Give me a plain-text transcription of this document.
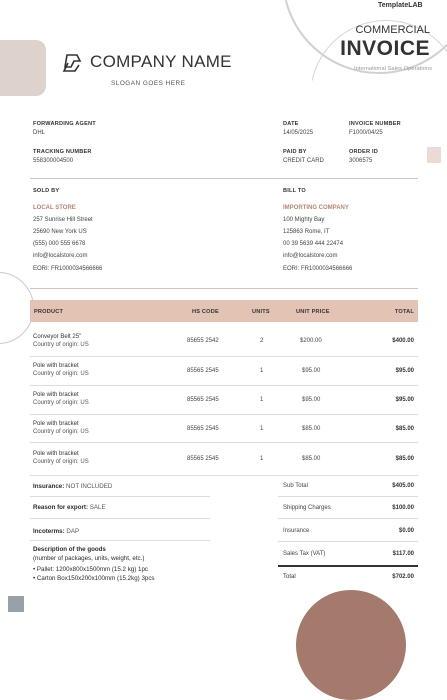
TemplateLAB
COMPANY NAME
SLOGAN GOES HERE
COMMERCIAL
INVOICE
International Sales Operations
FORWARDING AGENT
DHL
DATE
14/05/2025
INVOICE NUMBER
F1000/04/25
TRACKING NUMBER
558300004500
PAID BY
CREDIT CARD
ORDER ID
3006575
SOLD BY
LOCAL STORE
257 Sunrise Hill Street
25690 New York US
(555) 000 555 6678
info@localstore.com
EORI: FR1000034566666
BILL TO
IMPORTING COMPANY
100 Mighty Bay
125863 Rome, IT
00 39 5639 444 22474
info@localstore.com
EORI: FR1000034566666
PRODUCT	HS CODE	UNITS	UNIT PRICE	TOTAL
Conveyor Belt 25"
Country of origin: US
85655 2542	2	$200.00	$400.00
Pole with bracket
Country of origin: US	85565 2545	1	$95.00	$95.00
Pole with bracket
Country of origin: US	85565 2545	1	$95.00	$95.00
Pole with bracket
Country of origin: US	85565 2545	1	$85.00	$85.00
Pole with bracket
Country of origin: US	85565 2545	1	$85.00	$85.00
Insurance: NOT INCLUDED
Reason for export: SALE
Incoterms: DAP
Description of the goods
(number of packages, units, weight, etc.)
• Pallet: 1200x800x1500mm (15.2 kg) 1pc
• Carton Box150x200x100mm (15.2kg) 3pcs
Sub Total	$405.00
Shipping Charges	$100.00
Insurance	$0.00
Sales Tax (VAT)	$117.00
Total	$702.00
